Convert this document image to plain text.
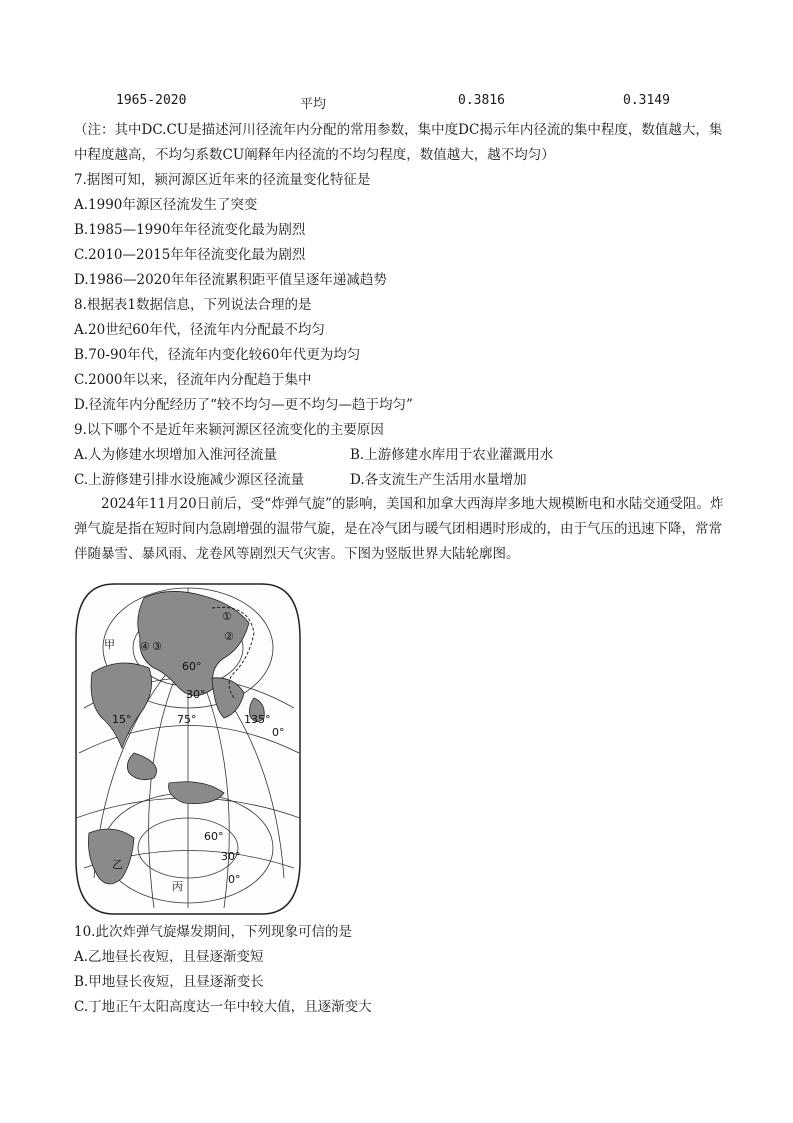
1965-2020	平均	0.3816	0.3149
（注：其中DC.CU是描述河川径流年内分配的常用参数，集中度DC揭示年内径流的集中程度，数值越大，集中程度越高，不均匀系数CU阐释年内径流的不均匀程度，数值越大，越不均匀）
7.据图可知，颍河源区近年来的径流量变化特征是
A.1990年源区径流发生了突变
B.1985—1990年年径流变化最为剧烈
C.2010—2015年年径流变化最为剧烈
D.1986—2020年年径流累积距平值呈逐年递减趋势
8.根据表1数据信息，下列说法合理的是
A.20世纪60年代，径流年内分配最不均匀
B.70-90年代，径流年内变化较60年代更为均匀
C.2000年以来，径流年内分配趋于集中
D.径流年内分配经历了“较不均匀—更不均匀—趋于均匀”
9.以下哪个不是近年来颍河源区径流变化的主要原因
A.人为修建水坝增加入淮河径流量	B.上游修建水库用于农业灌溉用水
C.上游修建引排水设施减少源区径流量	D.各支流生产生活用水量增加
2024年11月20日前后，受“炸弹气旋”的影响，美国和加拿大西海岸多地大规模断电和水陆交通受阻。炸弹气旋是指在短时间内急剧增强的温带气旋，是在冷气团与暖气团相遇时形成的，由于气压的迅速下降，常常伴随暴雪、暴风雨、龙卷风等剧烈天气灾害。下图为竖版世界大陆轮廓图。
甲
乙
丙
60°
30°
15°	75°	135°
0°
60°
30°
0°
①
②
③
④
10.此次炸弹气旋爆发期间，下列现象可信的是
A.乙地昼长夜短，且昼逐渐变短
B.甲地昼长夜短，且昼逐渐变长
C.丁地正午太阳高度达一年中较大值，且逐渐变大
